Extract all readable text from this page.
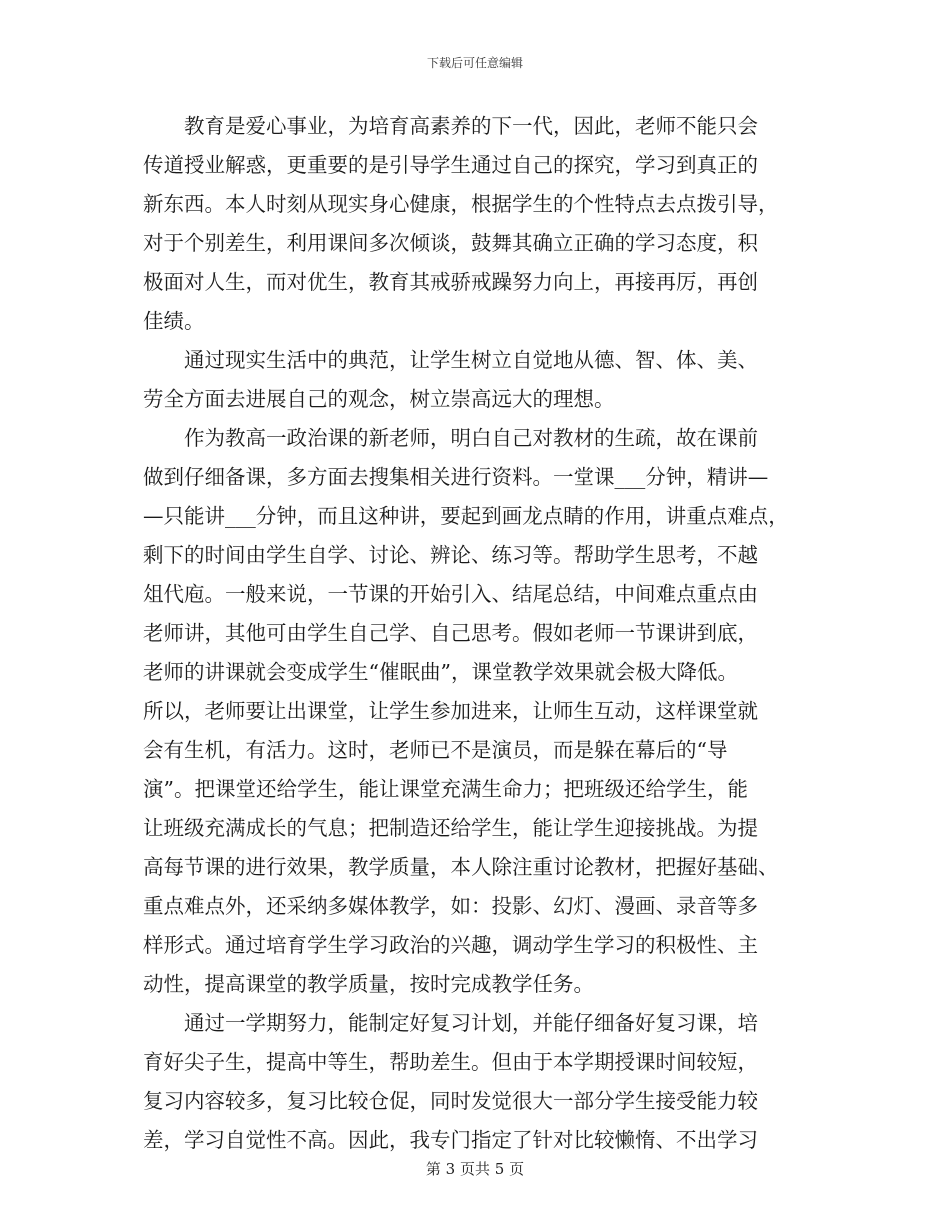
下载后可任意编辑
　　教育是爱心事业，为培育高素养的下一代，因此，老师不能只会
传道授业解惑，更重要的是引导学生通过自己的探究，学习到真正的
新东西。本人时刻从现实身心健康，根据学生的个性特点去点拨引导，
对于个别差生，利用课间多次倾谈，鼓舞其确立正确的学习态度，积
极面对人生，而对优生，教育其戒骄戒躁努力向上，再接再厉，再创
佳绩。
　　通过现实生活中的典范，让学生树立自觉地从德、智、体、美、
劳全方面去进展自己的观念，树立崇高远大的理想。
　　作为教高一政治课的新老师，明白自己对教材的生疏，故在课前
做到仔细备课，多方面去搜集相关进行资料。一堂课___分钟，精讲—
—只能讲___分钟，而且这种讲，要起到画龙点睛的作用，讲重点难点，
剩下的时间由学生自学、讨论、辨论、练习等。帮助学生思考，不越
俎代庖。一般来说，一节课的开始引入、结尾总结，中间难点重点由
老师讲，其他可由学生自己学、自己思考。假如老师一节课讲到底，
老师的讲课就会变成学生“催眠曲”，课堂教学效果就会极大降低。
所以，老师要让出课堂，让学生参加进来，让师生互动，这样课堂就
会有生机，有活力。这时，老师已不是演员，而是躲在幕后的“导
演”。把课堂还给学生，能让课堂充满生命力；把班级还给学生，能
让班级充满成长的气息；把制造还给学生，能让学生迎接挑战。为提
高每节课的进行效果，教学质量，本人除注重讨论教材，把握好基础、
重点难点外，还采纳多媒体教学，如：投影、幻灯、漫画、录音等多
样形式。通过培育学生学习政治的兴趣，调动学生学习的积极性、主
动性，提高课堂的教学质量，按时完成教学任务。
　　通过一学期努力，能制定好复习计划，并能仔细备好复习课，培
育好尖子生，提高中等生，帮助差生。但由于本学期授课时间较短，
复习内容较多，复习比较仓促，同时发觉很大一部分学生接受能力较
差，学习自觉性不高。因此，我专门指定了针对比较懒惰、不出学习
第 3 页共 5 页
